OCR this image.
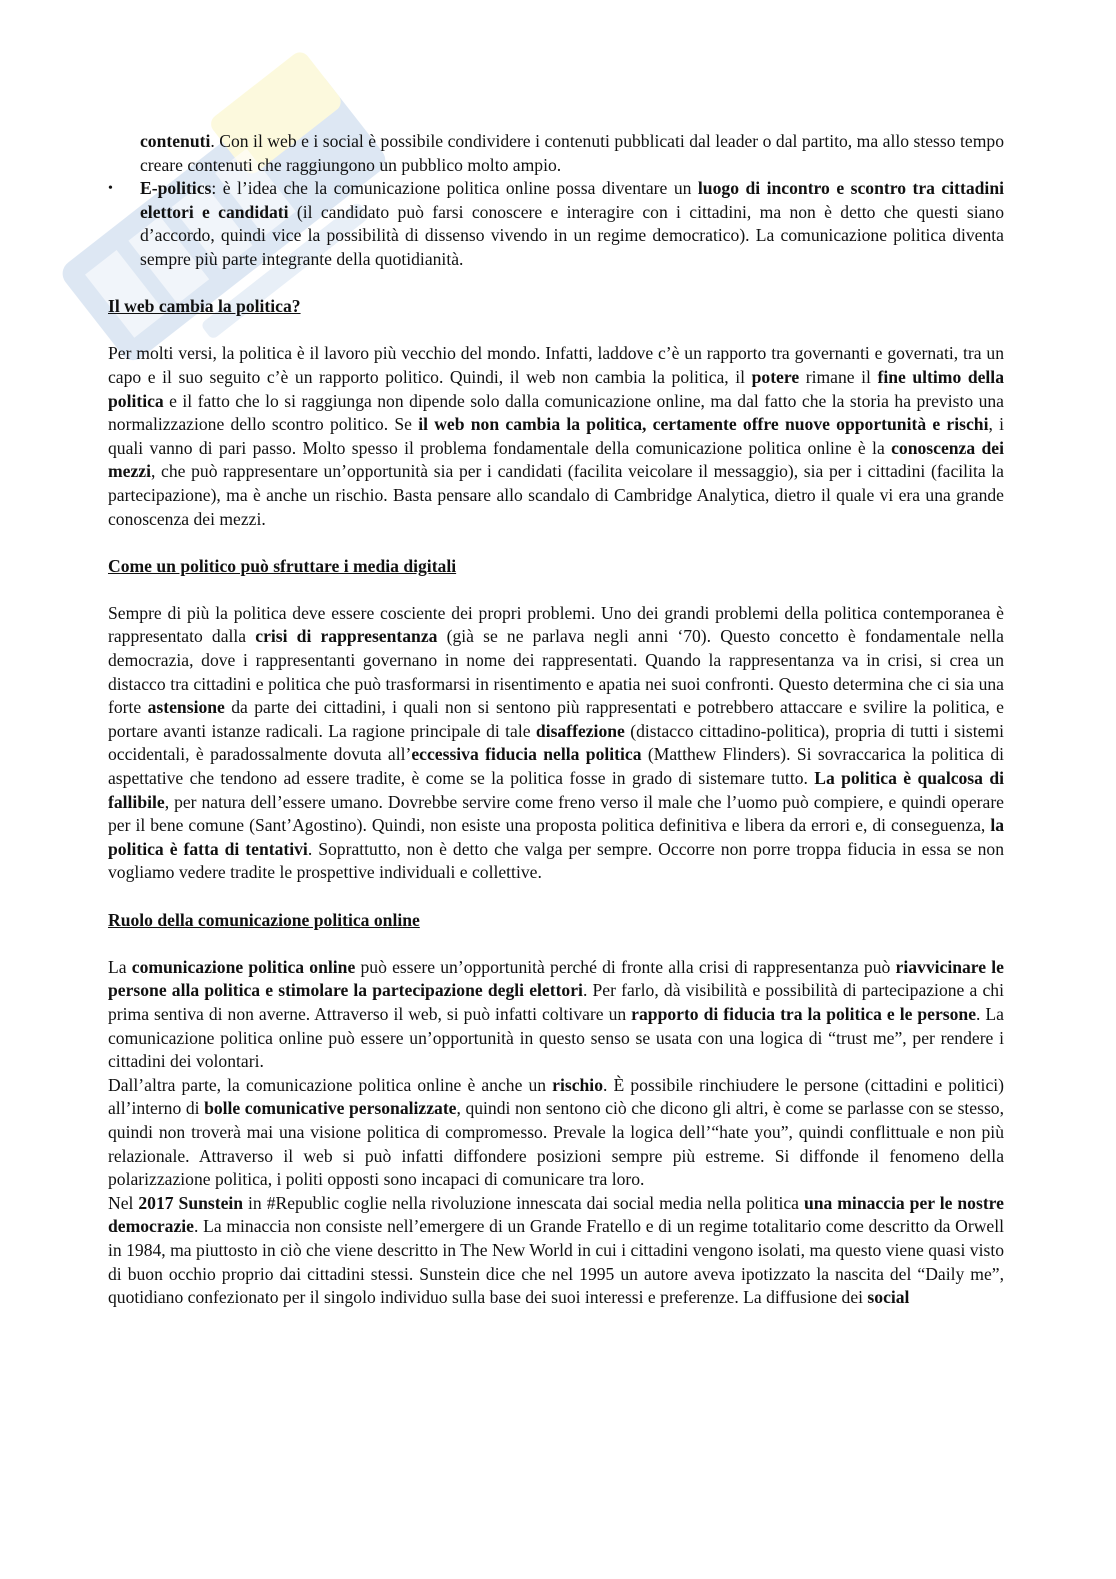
contenuti. Con il web e i social è possibile condividere i contenuti pubblicati dal leader o dal partito, ma allo stesso tempo creare contenuti che raggiungono un pubblico molto ampio.

•	E-politics: è l’idea che la comunicazione politica online possa diventare un luogo di incontro e scontro tra cittadini elettori e candidati (il candidato può farsi conoscere e interagire con i cittadini, ma non è detto che questi siano d’accordo, quindi vice la possibilità di dissenso vivendo in un regime democratico). La comunicazione politica diventa sempre più parte integrante della quotidianità.

Il web cambia la politica?

Per molti versi, la politica è il lavoro più vecchio del mondo. Infatti, laddove c’è un rapporto tra governanti e governati, tra un capo e il suo seguito c’è un rapporto politico. Quindi, il web non cambia la politica, il potere rimane il fine ultimo della politica e il fatto che lo si raggiunga non dipende solo dalla comunicazione online, ma dal fatto che la storia ha previsto una normalizzazione dello scontro politico. Se il web non cambia la politica, certamente offre nuove opportunità e rischi, i quali vanno di pari passo. Molto spesso il problema fondamentale della comunicazione politica online è la conoscenza dei mezzi, che può rappresentare un’opportunità sia per i candidati (facilita veicolare il messaggio), sia per i cittadini (facilita la partecipazione), ma è anche un rischio. Basta pensare allo scandalo di Cambridge Analytica, dietro il quale vi era una grande conoscenza dei mezzi.

Come un politico può sfruttare i media digitali

Sempre di più la politica deve essere cosciente dei propri problemi. Uno dei grandi problemi della politica contemporanea è rappresentato dalla crisi di rappresentanza (già se ne parlava negli anni ‘70). Questo concetto è fondamentale nella democrazia, dove i rappresentanti governano in nome dei rappresentati. Quando la rappresentanza va in crisi, si crea un distacco tra cittadini e politica che può trasformarsi in risentimento e apatia nei suoi confronti. Questo determina che ci sia una forte astensione da parte dei cittadini, i quali non si sentono più rappresentati e potrebbero attaccare e svilire la politica, e portare avanti istanze radicali. La ragione principale di tale disaffezione (distacco cittadino-politica), propria di tutti i sistemi occidentali, è paradossalmente dovuta all’eccessiva fiducia nella politica (Matthew Flinders). Si sovraccarica la politica di aspettative che tendono ad essere tradite, è come se la politica fosse in grado di sistemare tutto. La politica è qualcosa di fallibile, per natura dell’essere umano. Dovrebbe servire come freno verso il male che l’uomo può compiere, e quindi operare per il bene comune (Sant’Agostino). Quindi, non esiste una proposta politica definitiva e libera da errori e, di conseguenza, la politica è fatta di tentativi. Soprattutto, non è detto che valga per sempre. Occorre non porre troppa fiducia in essa se non vogliamo vedere tradite le prospettive individuali e collettive.

Ruolo della comunicazione politica online

La comunicazione politica online può essere un’opportunità perché di fronte alla crisi di rappresentanza può riavvicinare le persone alla politica e stimolare la partecipazione degli elettori. Per farlo, dà visibilità e possibilità di partecipazione a chi prima sentiva di non averne. Attraverso il web, si può infatti coltivare un rapporto di fiducia tra la politica e le persone. La comunicazione politica online può essere un’opportunità in questo senso se usata con una logica di “trust me”, per rendere i cittadini dei volontari.

Dall’altra parte, la comunicazione politica online è anche un rischio. È possibile rinchiudere le persone (cittadini e politici) all’interno di bolle comunicative personalizzate, quindi non sentono ciò che dicono gli altri, è come se parlasse con se stesso, quindi non troverà mai una visione politica di compromesso. Prevale la logica dell’“hate you”, quindi conflittuale e non più relazionale. Attraverso il web si può infatti diffondere posizioni sempre più estreme. Si diffonde il fenomeno della polarizzazione politica, i politi opposti sono incapaci di comunicare tra loro.

Nel 2017 Sunstein in #Republic coglie nella rivoluzione innescata dai social media nella politica una minaccia per le nostre democrazie. La minaccia non consiste nell’emergere di un Grande Fratello e di un regime totalitario come descritto da Orwell in 1984, ma piuttosto in ciò che viene descritto in The New World in cui i cittadini vengono isolati, ma questo viene quasi visto di buon occhio proprio dai cittadini stessi. Sunstein dice che nel 1995 un autore aveva ipotizzato la nascita del “Daily me”, quotidiano confezionato per il singolo individuo sulla base dei suoi interessi e preferenze. La diffusione dei social
